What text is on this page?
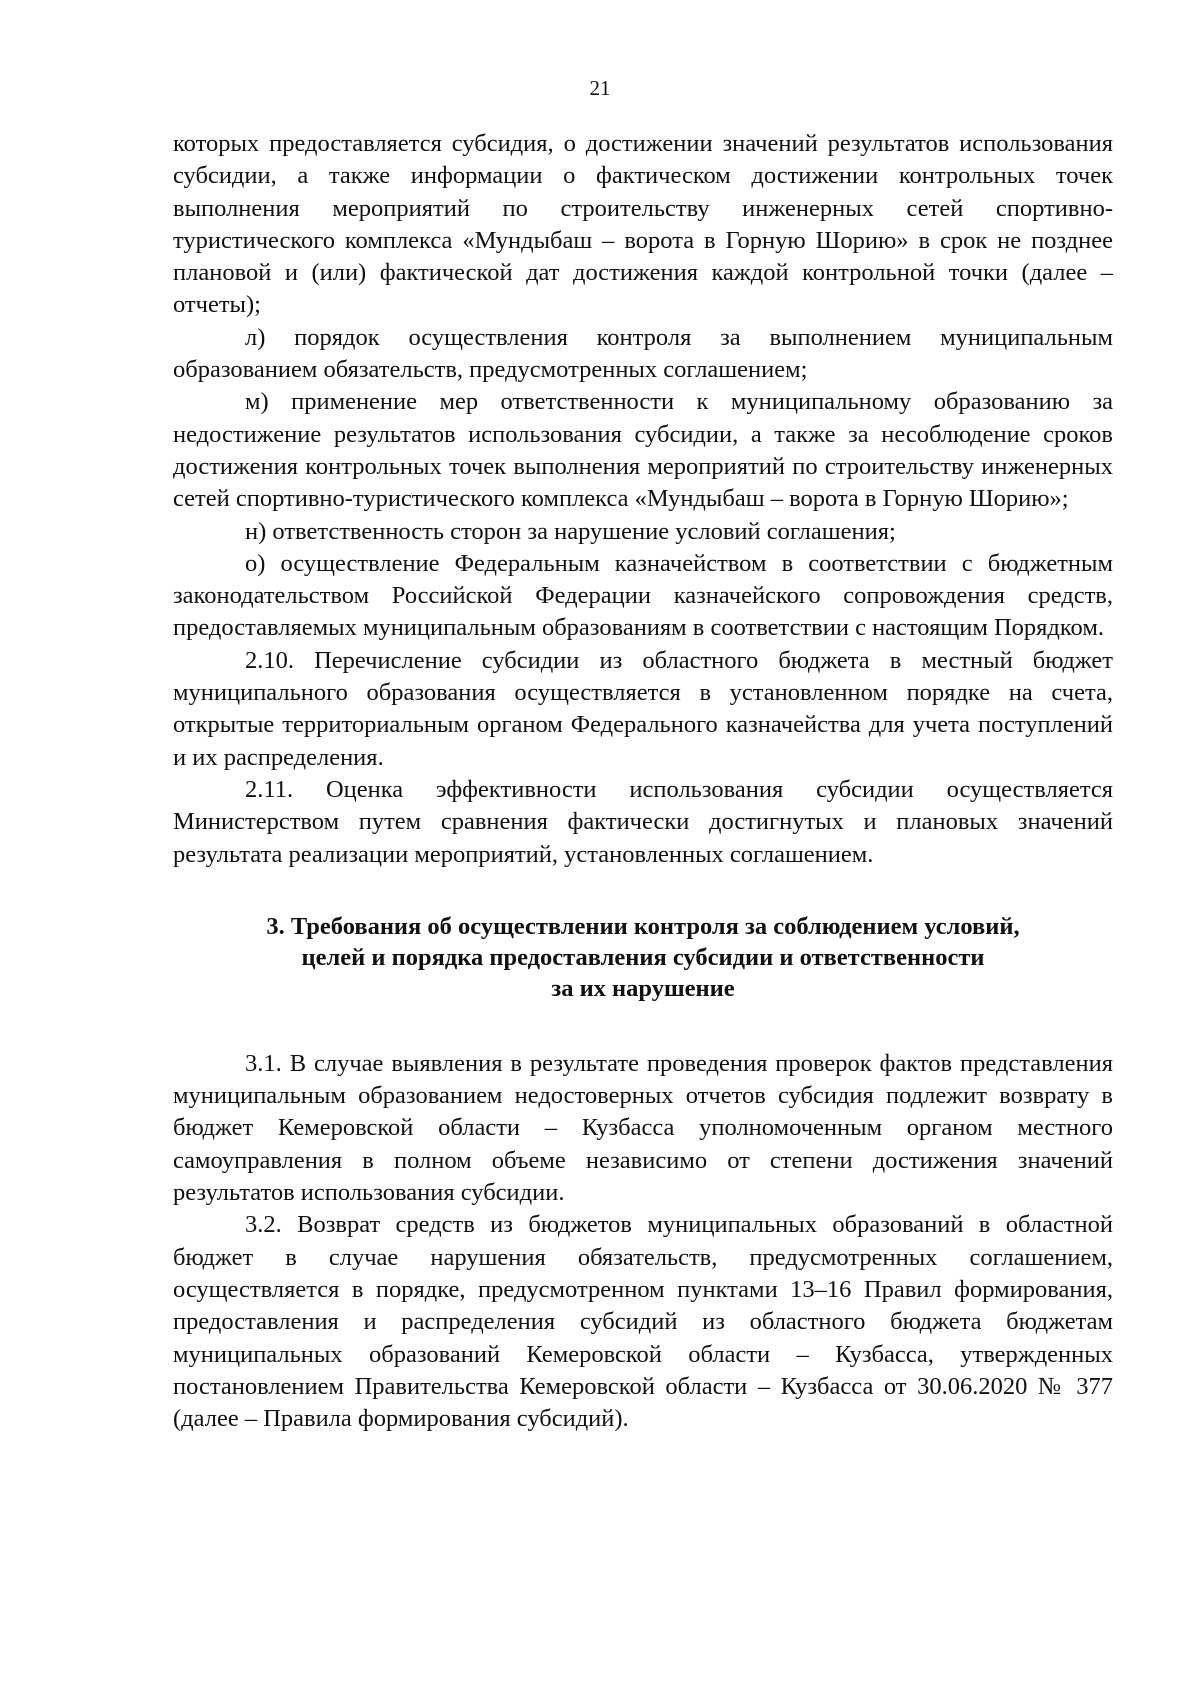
21

которых предоставляется субсидия, о достижении значений результатов использования субсидии, а также информации о фактическом достижении контрольных точек выполнения мероприятий по строительству инженерных сетей спортивно-туристического комплекса «Мундыбаш – ворота в Горную Шорию» в срок не позднее плановой и (или) фактической дат достижения каждой контрольной точки (далее – отчеты);

л) порядок осуществления контроля за выполнением муниципальным образованием обязательств, предусмотренных соглашением;

м) применение мер ответственности к муниципальному образованию за недостижение результатов использования субсидии, а также за несоблюдение сроков достижения контрольных точек выполнения мероприятий по строительству инженерных сетей спортивно-туристического комплекса «Мундыбаш – ворота в Горную Шорию»;

н) ответственность сторон за нарушение условий соглашения;

о) осуществление Федеральным казначейством в соответствии с бюджетным законодательством Российской Федерации казначейского сопровождения средств, предоставляемых муниципальным образованиям в соответствии с настоящим Порядком.

2.10. Перечисление субсидии из областного бюджета в местный бюджет муниципального образования осуществляется в установленном порядке на счета, открытые территориальным органом Федерального казначейства для учета поступлений и их распределения.

2.11. Оценка эффективности использования субсидии осуществляется Министерством путем сравнения фактически достигнутых и плановых значений результата реализации мероприятий, установленных соглашением.

3. Требования об осуществлении контроля за соблюдением условий,
целей и порядка предоставления субсидии и ответственности
за их нарушение

3.1. В случае выявления в результате проведения проверок фактов представления муниципальным образованием недостоверных отчетов субсидия подлежит возврату в бюджет Кемеровской области – Кузбасса уполномоченным органом местного самоуправления в полном объеме независимо от степени достижения значений результатов использования субсидии.

3.2. Возврат средств из бюджетов муниципальных образований в областной бюджет в случае нарушения обязательств, предусмотренных соглашением, осуществляется в порядке, предусмотренном пунктами 13–16 Правил формирования, предоставления и распределения субсидий из областного бюджета бюджетам муниципальных образований Кемеровской области – Кузбасса, утвержденных постановлением Правительства Кемеровской области – Кузбасса от 30.06.2020 № 377 (далее – Правила формирования субсидий).
